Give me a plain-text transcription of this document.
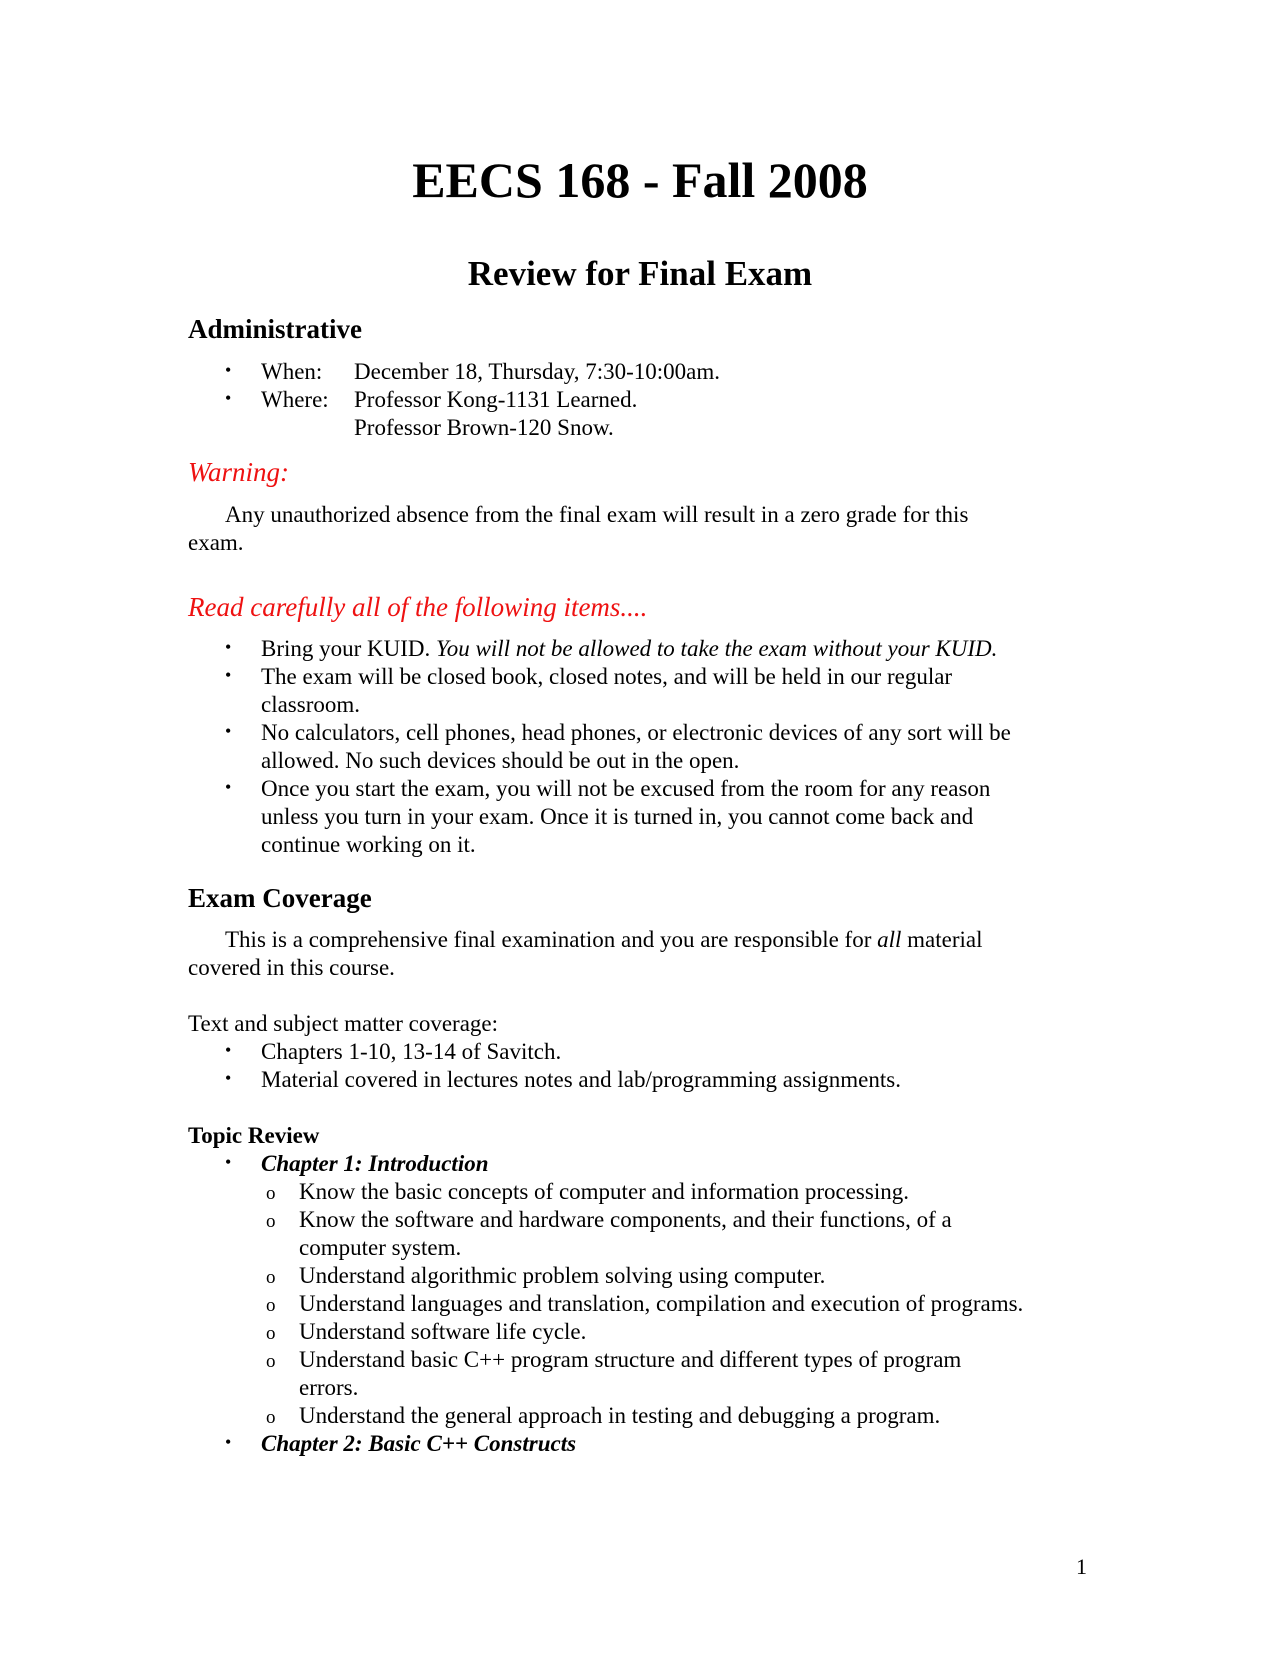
EECS 168 - Fall 2008
Review for Final Exam
Administrative
• When: December 18, Thursday, 7:30-10:00am.
• Where: Professor Kong-1131 Learned.
Professor Brown-120 Snow.
Warning:
Any unauthorized absence from the final exam will result in a zero grade for this
exam.
Read carefully all of the following items....
• Bring your KUID. You will not be allowed to take the exam without your KUID.
• The exam will be closed book, closed notes, and will be held in our regular
classroom.
• No calculators, cell phones, head phones, or electronic devices of any sort will be
allowed. No such devices should be out in the open.
• Once you start the exam, you will not be excused from the room for any reason
unless you turn in your exam. Once it is turned in, you cannot come back and
continue working on it.
Exam Coverage
This is a comprehensive final examination and you are responsible for all material
covered in this course.
Text and subject matter coverage:
• Chapters 1-10, 13-14 of Savitch.
• Material covered in lectures notes and lab/programming assignments.
Topic Review
• Chapter 1: Introduction
o Know the basic concepts of computer and information processing.
o Know the software and hardware components, and their functions, of a
computer system.
o Understand algorithmic problem solving using computer.
o Understand languages and translation, compilation and execution of programs.
o Understand software life cycle.
o Understand basic C++ program structure and different types of program
errors.
o Understand the general approach in testing and debugging a program.
• Chapter 2: Basic C++ Constructs
1
